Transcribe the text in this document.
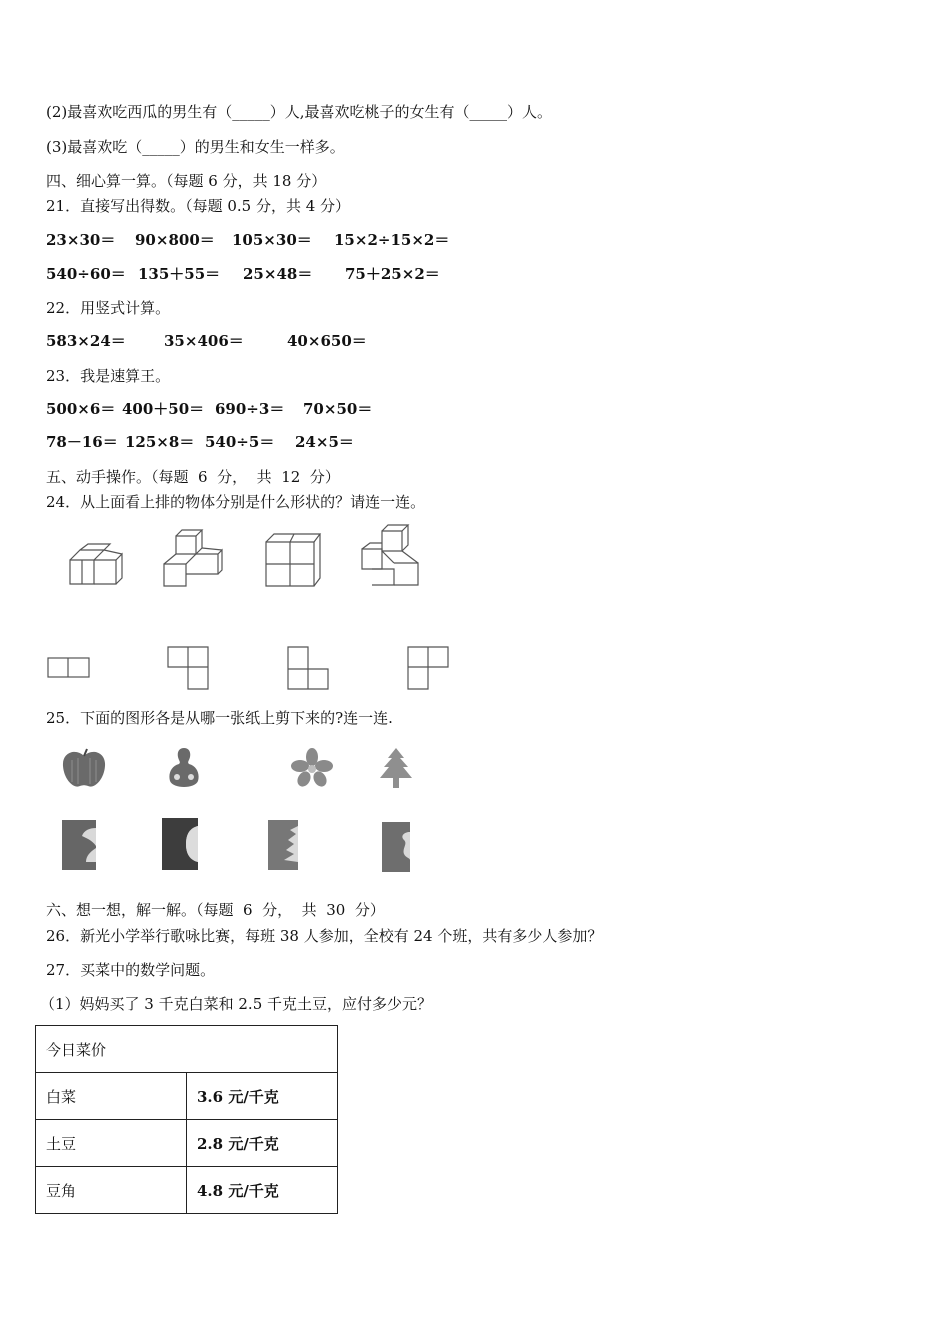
(2)最喜欢吃西瓜的男生有（_____）人,最喜欢吃桃子的女生有（_____）人。
(3)最喜欢吃（_____）的男生和女生一样多。
四、细心算一算。（每题 6 分，共 18 分）
21．直接写出得数。（每题 0.5 分，共 4 分）
23×30＝ 90×800＝ 105×30＝ 15×2÷15×2＝
540÷60＝ 135＋55＝ 25×48＝ 75＋25×2＝
22．用竖式计算。
583×24＝	35×406＝	40×650＝
23．我是速算王。
500×6＝ 400＋50＝ 690÷3＝ 70×50＝
78－16＝ 125×8＝ 540÷5＝ 24×5＝
五、动手操作。（每题  6  分，  共  12  分）
24．从上面看上排的物体分别是什么形状的？请连一连。
25．下面的图形各是从哪一张纸上剪下来的?连一连.
六、想一想，解一解。（每题  6  分，  共  30  分）
26．新光小学举行歌咏比赛，每班 38 人参加，全校有 24 个班，共有多少人参加？
27．买菜中的数学问题。
（1）妈妈买了 3 千克白菜和 2.5 千克土豆，应付多少元？
今日菜价	
白菜	3.6 元/千克
土豆	2.8 元/千克
豆角	4.8 元/千克
